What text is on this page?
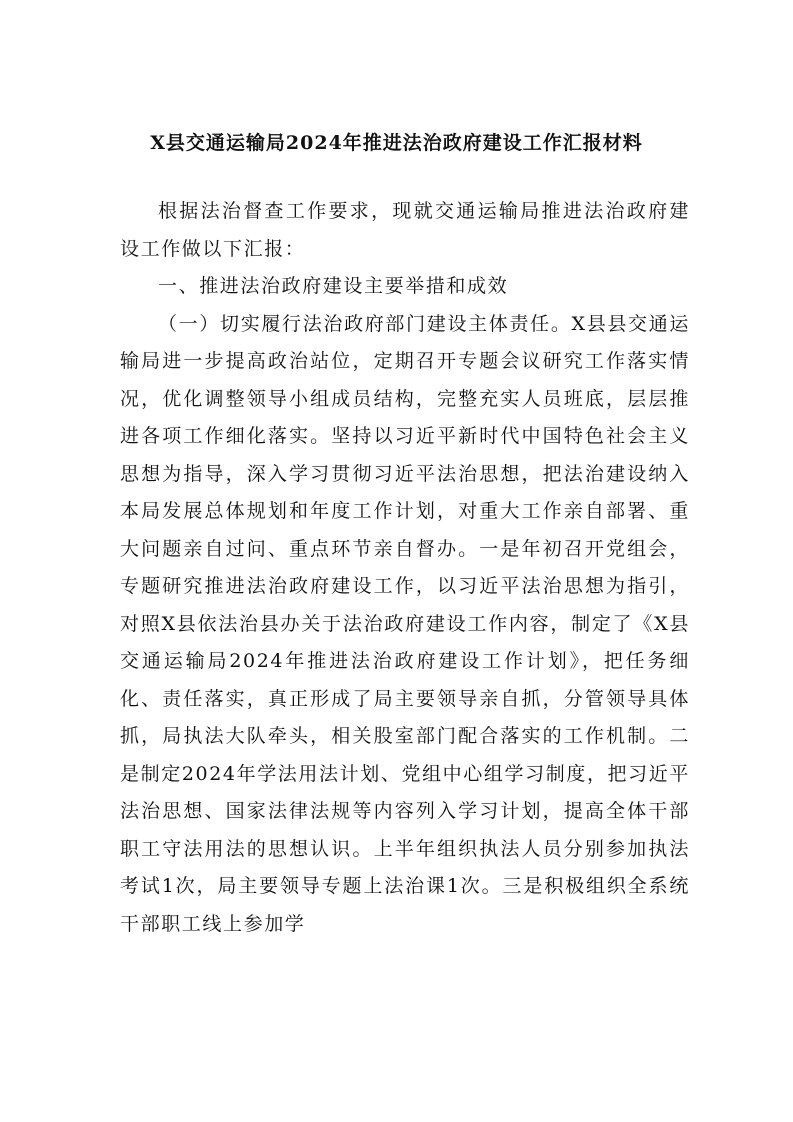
X县交通运输局2024年推进法治政府建设工作汇报材料

根据法治督查工作要求，现就交通运输局推进法治政府建设工作做以下汇报：

一、推进法治政府建设主要举措和成效

（一）切实履行法治政府部门建设主体责任。X县县交通运输局进一步提高政治站位，定期召开专题会议研究工作落实情况，优化调整领导小组成员结构，完整充实人员班底，层层推进各项工作细化落实。坚持以习近平新时代中国特色社会主义思想为指导，深入学习贯彻习近平法治思想，把法治建设纳入本局发展总体规划和年度工作计划，对重大工作亲自部署、重大问题亲自过问、重点环节亲自督办。一是年初召开党组会，专题研究推进法治政府建设工作，以习近平法治思想为指引，对照X县依法治县办关于法治政府建设工作内容，制定了《X县交通运输局2024年推进法治政府建设工作计划》，把任务细化、责任落实，真正形成了局主要领导亲自抓，分管领导具体抓，局执法大队牵头，相关股室部门配合落实的工作机制。二是制定2024年学法用法计划、党组中心组学习制度，把习近平法治思想、国家法律法规等内容列入学习计划，提高全体干部职工守法用法的思想认识。上半年组织执法人员分别参加执法考试1次，局主要领导专题上法治课1次。三是积极组织全系统干部职工线上参加学
